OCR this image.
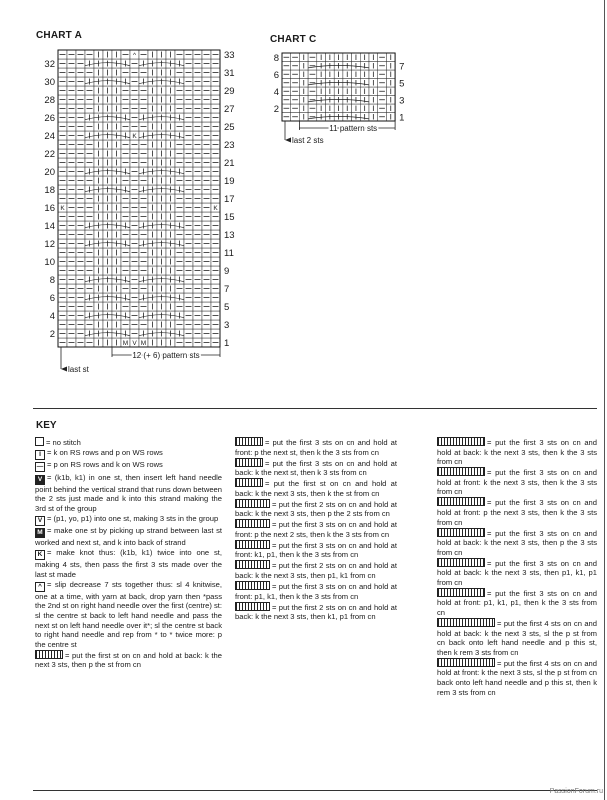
CHART A
K	K
K
M V M
^
2
4
6
8
10
12
14
16
18
20
22
24
26
28
30
32
1
3
5
7
9
11
13
15
17
19
21
23
25
27
29
31
33
12 (+ 6) pattern sts
last st
CHART C
2
4
6
8
1
3
5
7
11 pattern sts
last 2 sts
KEY
= no stitch
I = k on RS rows and p on WS rows
— = p on RS rows and k on WS rows
V = (k1b, k1) in one st, then insert left hand needle point behind the vertical strand that runs down between the 2 sts just made and k into this strand making the 3rd st of the group
V = (p1, yo, p1) into one st, making 3 sts in the group
M = make one st by picking up strand between last st worked and next st, and k into back of strand
K = make knot thus: (k1b, k1) twice into one st, making 4 sts, then pass the first 3 sts made over the last st made
^ = slip decrease 7 sts together thus: sl 4 knitwise, one at a time, with yarn at back, drop yarn then *pass the 2nd st on right hand needle over the first (centre) st: sl the centre st back to left hand needle and pass the next st on left hand needle over it*; sl the centre st back to right hand needle and rep from * to * twice more: p the centre st
= put the first st on cn and hold at back: k the next 3 sts, then p the st from cn
= put the first 3 sts on cn and hold at front: p the next st, then k the 3 sts from cn
= put the first 3 sts on cn and hold at back: k the next st, then k 3 sts from cn
= put the first st on cn and hold at back: k the next 3 sts, then k the st from cn
= put the first 2 sts on cn and hold at back: k the next 3 sts, then p the 2 sts from cn
= put the first 3 sts on cn and hold at front: p the next 2 sts, then k the 3 sts from cn
= put the first 3 sts on cn and hold at front: k1, p1, then k the 3 sts from cn
= put the first 2 sts on cn and hold at back: k the next 3 sts, then p1, k1 from cn
= put the first 3 sts on cn and hold at front: p1, k1, then k the 3 sts from cn
= put the first 2 sts on cn and hold at back: k the next 3 sts, then k1, p1 from cn
= put the first 3 sts on cn and hold at back: k the next 3 sts, then k the 3 sts from cn
= put the first 3 sts on cn and hold at front: k the next 3 sts, then k the 3 sts from cn
= put the first 3 sts on cn and hold at front: p the next 3 sts, then k the 3 sts from cn
= put the first 3 sts on cn and hold at back: k the next 3 sts, then p the 3 sts from cn
= put the first 3 sts on cn and hold at back: k the next 3 sts, then p1, k1, p1 from cn
= put the first 3 sts on cn and hold at front: p1, k1, p1, then k the 3 sts from cn
= put the first 4 sts on cn and hold at back: k the next 3 sts, sl the p st from cn back onto left hand needle and p this st, then k rem 3 sts from cn
= put the first 4 sts on cn and hold at front: k the next 3 sts, sl the p st from cn back onto left hand needle and p this st, then k rem 3 sts from cn
PassionForum.ru
